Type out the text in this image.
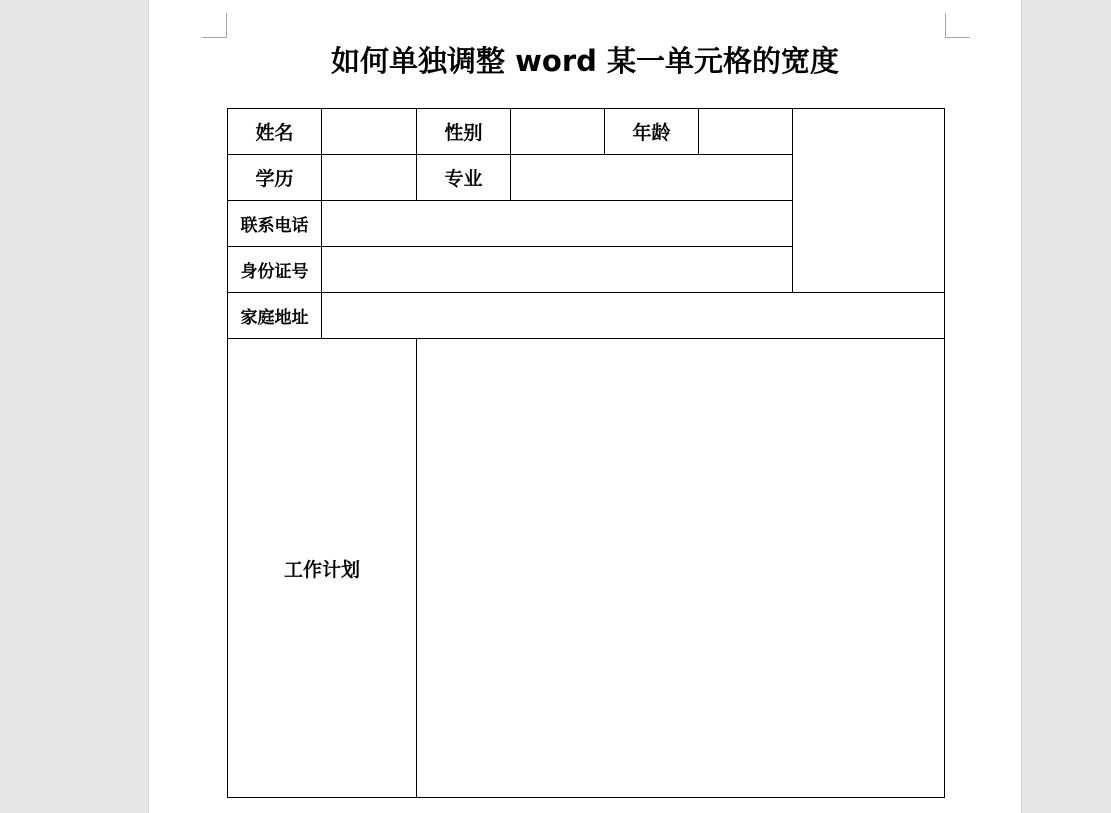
如何单独调整 word 某一单元格的宽度
姓名		性别		年龄		
学历		专业				
联系电话						
身份证号						
家庭地址						
工作计划						
